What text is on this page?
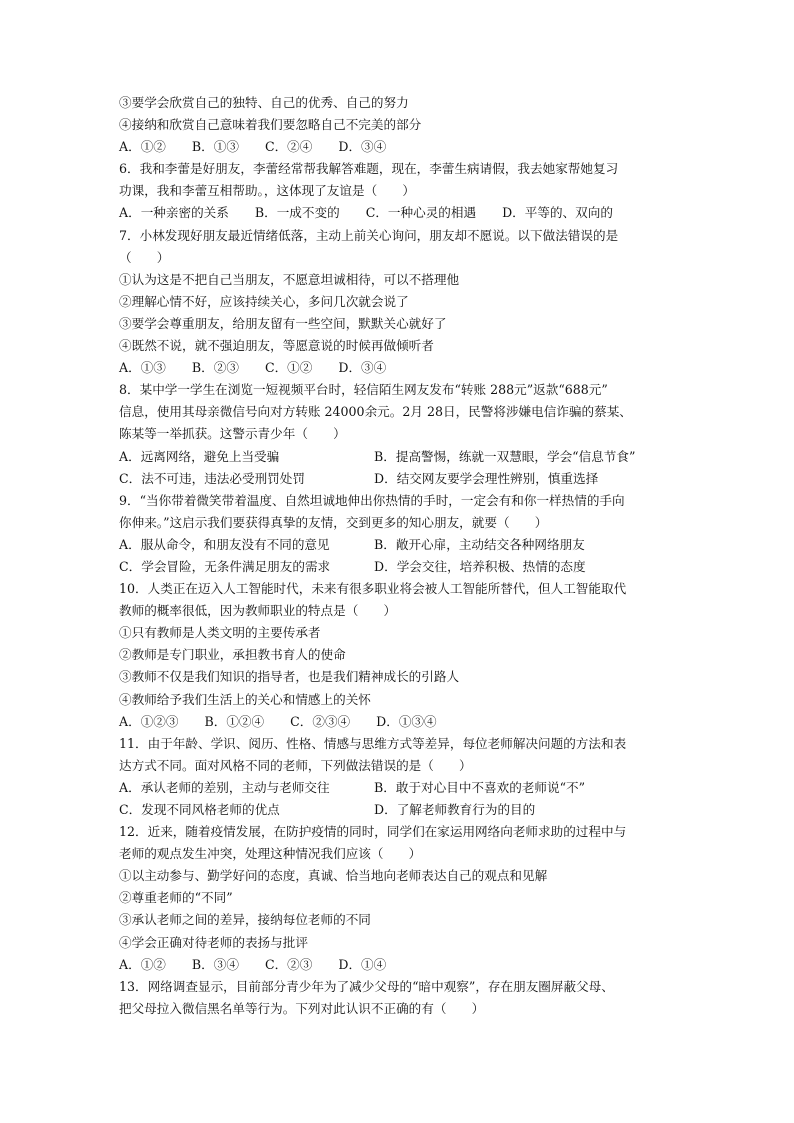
③要学会欣赏自己的独特、自己的优秀、自己的努力
④接纳和欣赏自己意味着我们要忽略自己不完美的部分
A．①② B．①③ C．②④ D．③④
6．我和李蕾是好朋友，李蕾经常帮我解答难题，现在，李蕾生病请假，我去她家帮她复习
功课，我和李蕾互相帮助。，这体现了友谊是（　　）
A．一种亲密的关系 B．一成不变的 C．一种心灵的相遇 D．平等的、双向的
7．小林发现好朋友最近情绪低落，主动上前关心询问，朋友却不愿说。以下做法错误的是
（　　）
①认为这是不把自己当朋友，不愿意坦诚相待，可以不搭理他
②理解心情不好，应该持续关心，多问几次就会说了
③要学会尊重朋友，给朋友留有一些空间，默默关心就好了
④既然不说，就不强迫朋友，等愿意说的时候再做倾听者
A．①③ B．②③ C．①② D．③④
8．某中学一学生在浏览一短视频平台时，轻信陌生网友发布“转账 288元”返款“688元”
信息，使用其母亲微信号向对方转账 24000余元。2月 28日，民警将涉嫌电信诈骗的蔡某、
陈某等一举抓获。这警示青少年（　　）
A．远离网络，避免上当受骗	B．提高警惕，练就一双慧眼，学会“信息节食”
C．法不可违，违法必受刑罚处罚	D．结交网友要学会理性辨别，慎重选择
9．“当你带着微笑带着温度、自然坦诚地伸出你热情的手时，一定会有和你一样热情的手向
你伸来。”这启示我们要获得真挚的友情，交到更多的知心朋友，就要（　　）
A．服从命令，和朋友没有不同的意见	B．敞开心扉，主动结交各种网络朋友
C．学会冒险，无条件满足朋友的需求	D．学会交往，培养积极、热情的态度
10．人类正在迈入人工智能时代，未来有很多职业将会被人工智能所替代，但人工智能取代
教师的概率很低，因为教师职业的特点是（　　）
①只有教师是人类文明的主要传承者
②教师是专门职业，承担教书育人的使命
③教师不仅是我们知识的指导者，也是我们精神成长的引路人
④教师给予我们生活上的关心和情感上的关怀
A．①②③ B．①②④ C．②③④ D．①③④
11．由于年龄、学识、阅历、性格、情感与思维方式等差异，每位老师解决问题的方法和表
达方式不同。面对风格不同的老师，下列做法错误的是（　　）
A．承认老师的差别，主动与老师交往	B．敢于对心目中不喜欢的老师说“不”
C．发现不同风格老师的优点	D．了解老师教育行为的目的
12．近来，随着疫情发展，在防护疫情的同时，同学们在家运用网络向老师求助的过程中与
老师的观点发生冲突，处理这种情况我们应该（　　）
①以主动参与、勤学好问的态度，真诚、恰当地向老师表达自己的观点和见解
②尊重老师的“不同”
③承认老师之间的差异，接纳每位老师的不同
④学会正确对待老师的表扬与批评
A．①② B．③④ C．②③ D．①④
13．网络调查显示，目前部分青少年为了减少父母的“暗中观察”，存在朋友圈屏蔽父母、
把父母拉入微信黑名单等行为。下列对此认识不正确的有（　　）
